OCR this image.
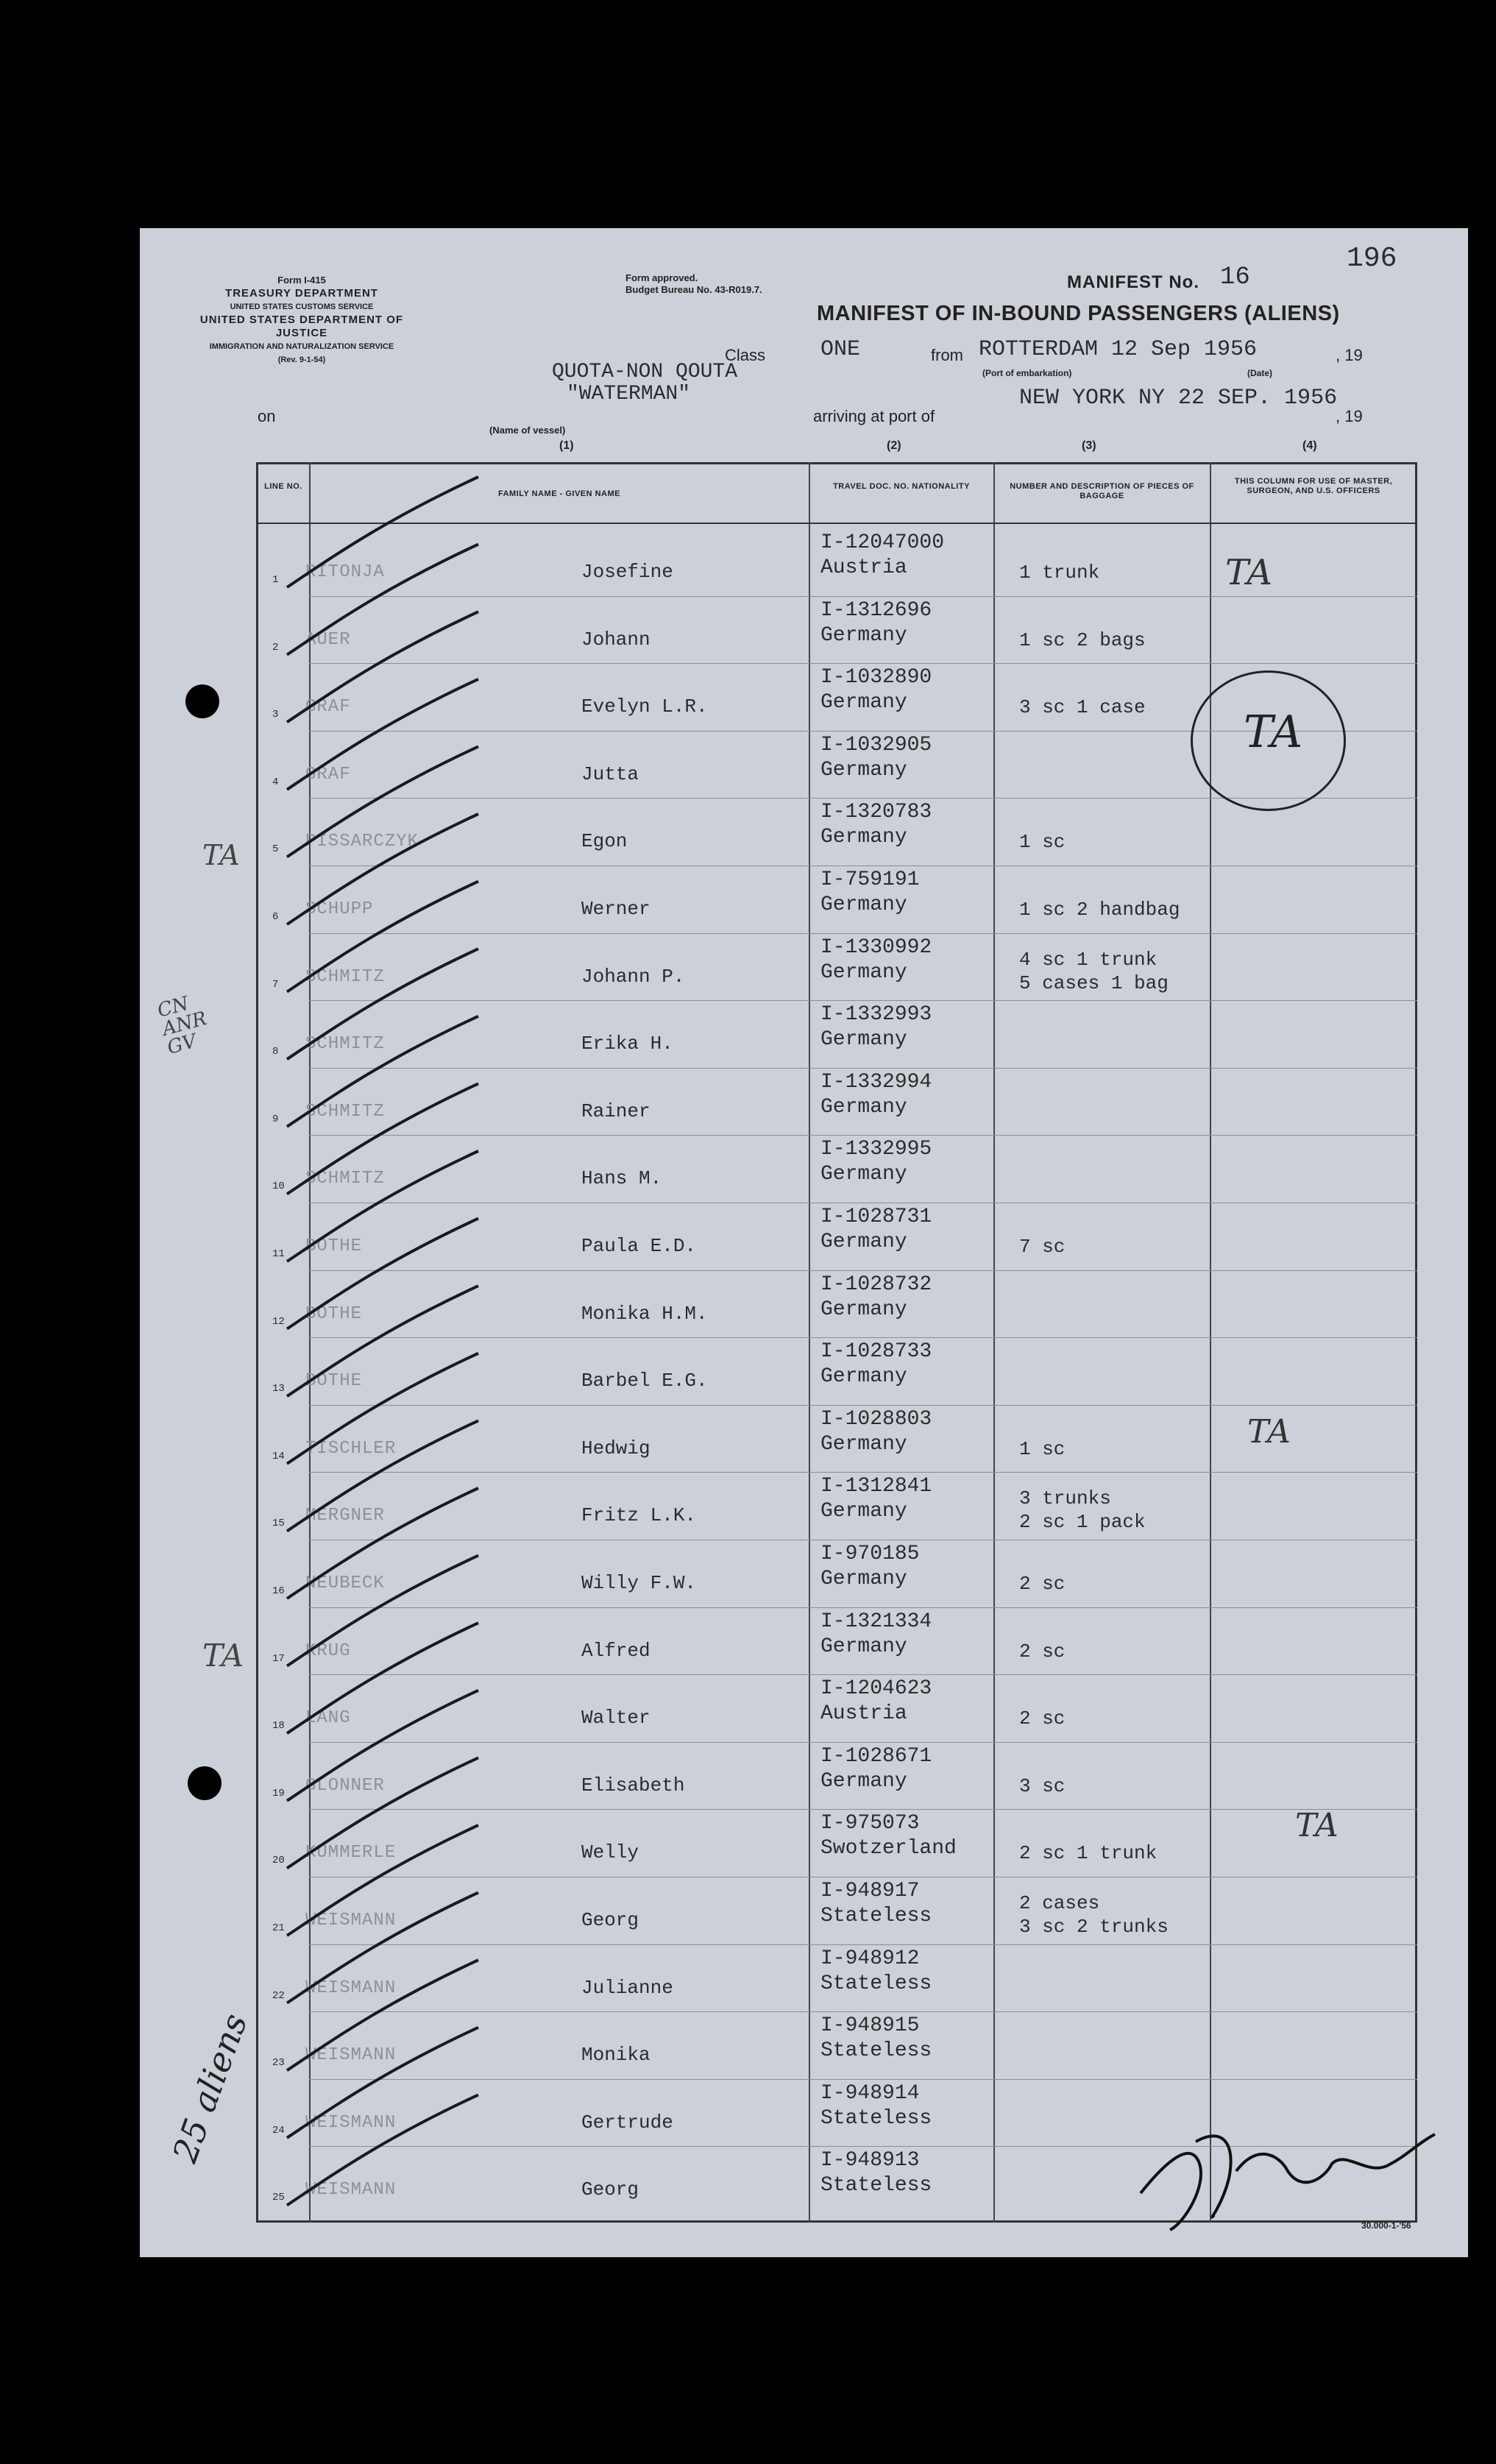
196
Form I-415
TREASURY DEPARTMENT
UNITED STATES CUSTOMS SERVICE
UNITED STATES DEPARTMENT OF JUSTICE
IMMIGRATION AND NATURALIZATION SERVICE
(Rev. 9-1-54)
Form approved.
Budget Bureau No. 43-R019.7.	MANIFEST No. 16
MANIFEST OF IN-BOUND PASSENGERS (ALIENS)
Class ONE	from ROTTERDAM 12 Sep 1956
(Port of embarkation)	(Date)
, 19
QUOTA-NON QOUTA
"WATERMAN"
on
(Name of vessel)
arriving at port of
NEW YORK NY 22 SEP. 1956
, 19
(1)	(2)	(3)	(4)
LINE NO.
FAMILY NAME - GIVEN NAME
TRAVEL DOC. NO. NATIONALITY	NUMBER AND DESCRIPTION OF PIECES OF BAGGAGE
THIS COLUMN FOR USE OF MASTER, SURGEON, AND U.S. OFFICERS
1 RITONJA	Josefine
I-12047000
Austria	1 trunk
2 AUER	Johann
I-1312696
Germany	1 sc 2 bags
3 GRAF	Evelyn L.R.
I-1032890
Germany	3 sc 1 case
4 GRAF	Jutta
I-1032905
Germany
5 PISSARCZYK	Egon
I-1320783
Germany	1 sc
6 SCHUPP	Werner
I-759191
Germany	1 sc 2 handbag
7 SCHMITZ	Johann P.
I-1330992
Germany
4 sc 1 trunk
5 cases 1 bag
8 SCHMITZ	Erika H.
I-1332993
Germany
9 SCHMITZ	Rainer
I-1332994
Germany
10 SCHMITZ	Hans M.
I-1332995
Germany
11 BOTHE	Paula E.D.
I-1028731
Germany	7 sc
12 BOTHE	Monika H.M.
I-1028732
Germany
13 BOTHE	Barbel E.G.
I-1028733
Germany
14 TISCHLER	Hedwig
I-1028803
Germany	1 sc
15 MERGNER	Fritz L.K.
I-1312841
Germany
3 trunks
2 sc 1 pack
16 NEUBECK	Willy F.W.
I-970185
Germany	2 sc
17 KRUG	Alfred
I-1321334
Germany	2 sc
18 LANG	Walter
I-1204623
Austria	2 sc
19 GLONNER	Elisabeth
I-1028671
Germany	3 sc
20 KUMMERLE	Welly
I-975073
Swotzerland	2 sc 1 trunk
21 WEISMANN	Georg
I-948917
Stateless
2 cases
3 sc 2 trunks
22 WEISMANN	Julianne
I-948912
Stateless
23 WEISMANN	Monika
I-948915
Stateless
24 WEISMANN	Gertrude
I-948914
Stateless
25 WEISMANN	Georg
I-948913
Stateless
30.000-1-'56
TA
TA
TA
TA
TA
TA
CN ANR GV
25 aliens
